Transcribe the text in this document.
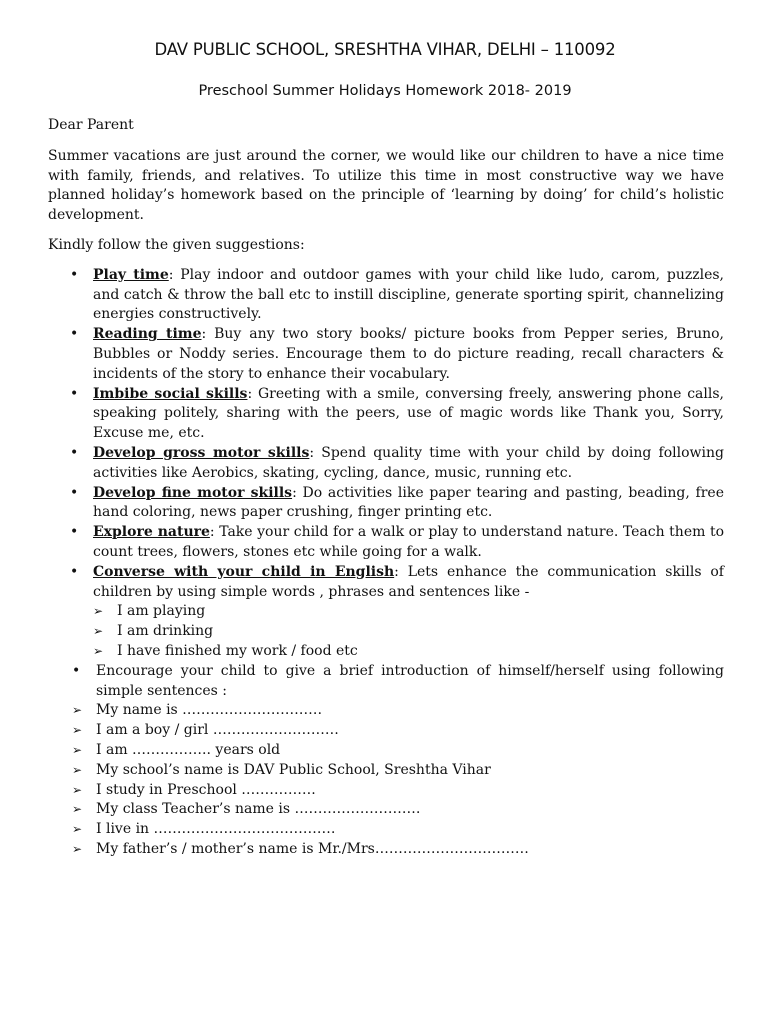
DAV PUBLIC SCHOOL, SRESHTHA VIHAR, DELHI – 110092
Preschool Summer Holidays Homework 2018- 2019

Dear Parent

Summer vacations are just around the corner, we would like our children to have a nice time with family, friends, and relatives. To utilize this time in most constructive way we have planned holiday’s homework based on the principle of ‘learning by doing’ for child’s holistic development.

Kindly follow the given suggestions:

• Play time: Play indoor and outdoor games with your child like ludo, carom, puzzles, and catch & throw the ball etc to instill discipline, generate sporting spirit, channelizing energies constructively.
• Reading time: Buy any two story books/ picture books from Pepper series, Bruno, Bubbles or Noddy series. Encourage them to do picture reading, recall characters & incidents of the story to enhance their vocabulary.
• Imbibe social skills: Greeting with a smile, conversing freely, answering phone calls, speaking politely, sharing with the peers, use of magic words like Thank you, Sorry, Excuse me, etc.
• Develop gross motor skills: Spend quality time with your child by doing following activities like Aerobics, skating, cycling, dance, music, running etc.
• Develop fine motor skills: Do activities like paper tearing and pasting, beading, free hand coloring, news paper crushing, finger printing etc.
• Explore nature: Take your child for a walk or play to understand nature. Teach them to count trees, flowers, stones etc while going for a walk.
• Converse with your child in English: Lets enhance the communication skills of children by using simple words , phrases and sentences like -
➢ I am playing
➢ I am drinking
➢ I have finished my work / food etc
• Encourage your child to give a brief introduction of himself/herself using following simple sentences :
➢ My name is …………………………
➢ I am a boy / girl ………………………
➢ I am …………….. years old
➢ My school’s name is DAV Public School, Sreshtha Vihar
➢ I study in Preschool …………….
➢ My class Teacher’s name is ………………………
➢ I live in …………………………………
➢ My father’s / mother’s name is Mr./Mrs……………………………
